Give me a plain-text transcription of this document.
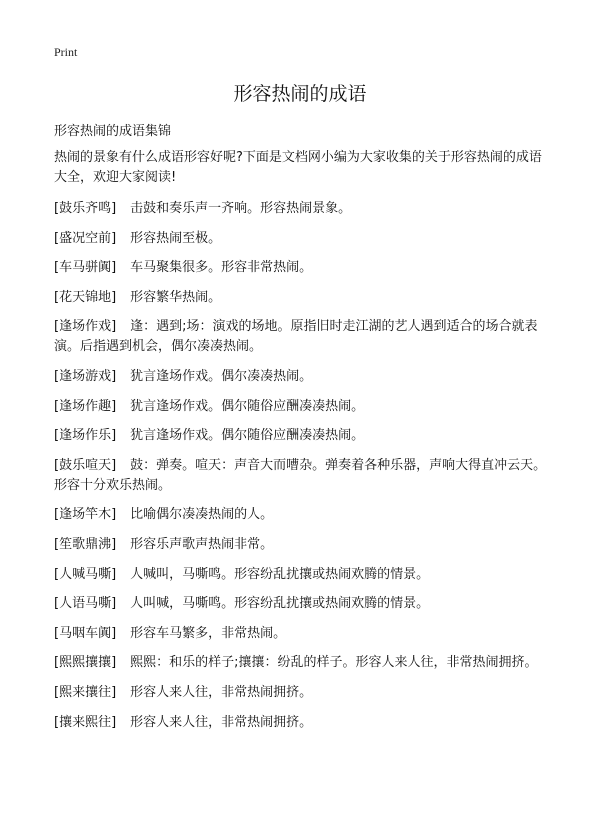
Print
形容热闹的成语

形容热闹的成语集锦

热闹的景象有什么成语形容好呢?下面是文档网小编为大家收集的关于形容热闹的成语大全，欢迎大家阅读!

[鼓乐齐鸣] 击鼓和奏乐声一齐响。形容热闹景象。
[盛况空前] 形容热闹至极。
[车马骈阗] 车马聚集很多。形容非常热闹。
[花天锦地] 形容繁华热闹。
[逢场作戏] 逢：遇到;场：演戏的场地。原指旧时走江湖的艺人遇到适合的场合就表演。后指遇到机会，偶尔凑凑热闹。
[逢场游戏] 犹言逢场作戏。偶尔凑凑热闹。
[逢场作趣] 犹言逢场作戏。偶尔随俗应酬凑凑热闹。
[逢场作乐] 犹言逢场作戏。偶尔随俗应酬凑凑热闹。
[鼓乐喧天] 鼓：弹奏。喧天：声音大而嘈杂。弹奏着各种乐器，声响大得直冲云天。形容十分欢乐热闹。
[逢场竿木] 比喻偶尔凑凑热闹的人。
[笙歌鼎沸] 形容乐声歌声热闹非常。
[人喊马嘶] 人喊叫，马嘶鸣。形容纷乱扰攘或热闹欢腾的情景。
[人语马嘶] 人叫喊，马嘶鸣。形容纷乱扰攘或热闹欢腾的情景。
[马咽车阗] 形容车马繁多，非常热闹。
[熙熙攘攘] 熙熙：和乐的样子;攘攘：纷乱的样子。形容人来人往，非常热闹拥挤。
[熙来攘往] 形容人来人往，非常热闹拥挤。
[攘来熙往] 形容人来人往，非常热闹拥挤。
